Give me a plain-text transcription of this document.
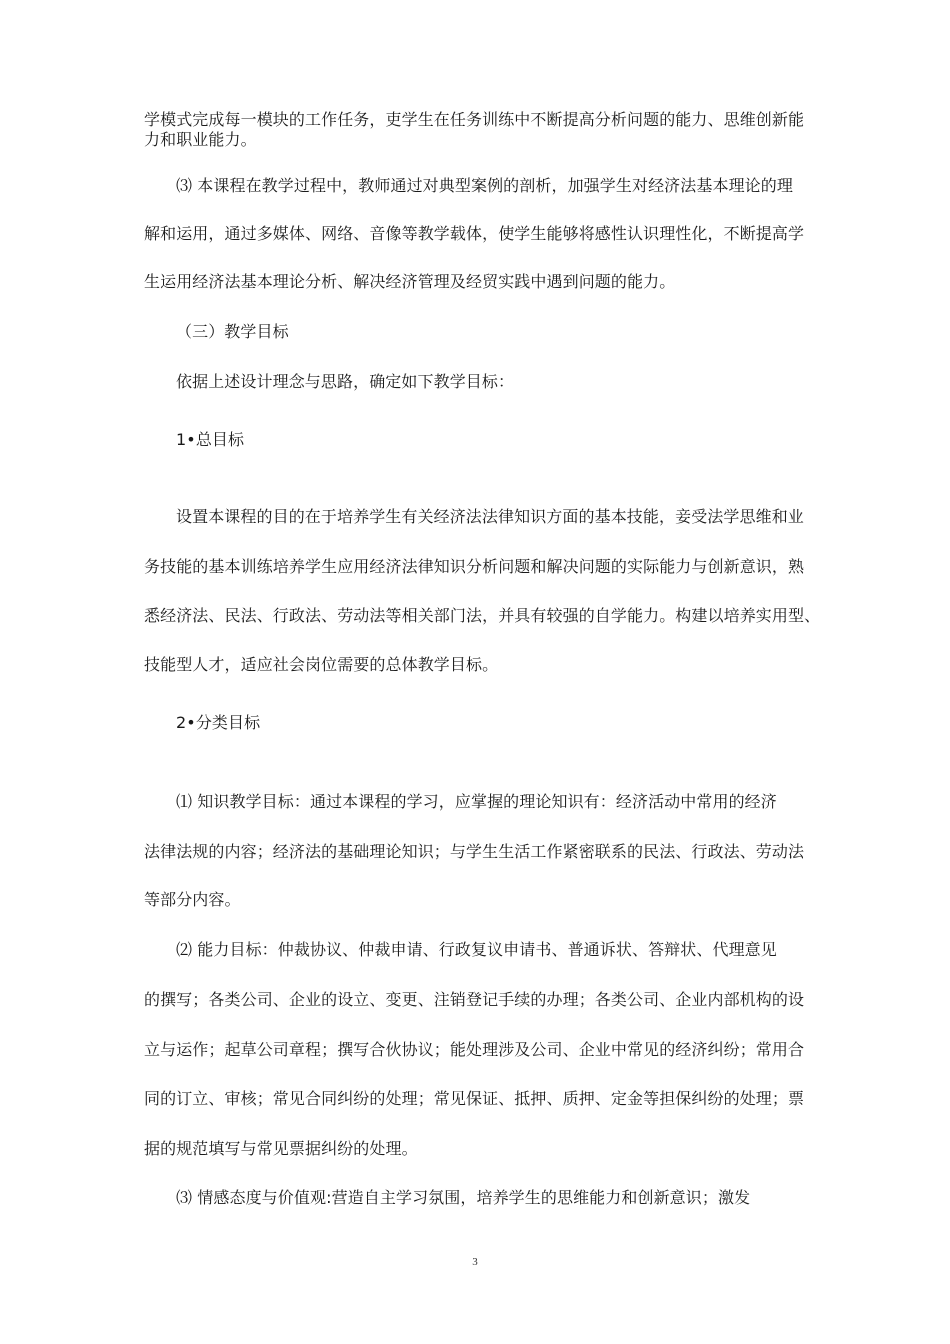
学模式完成每一模块的工作任务，吏学生在任务训练中不断提高分析问题的能力、思维创新能
力和职业能力。
⑶ 本课程在教学过程中，教师通过对典型案例的剖析，加强学生对经济法基本理论的理
解和运用，通过多媒体、网络、音像等教学载体，使学生能够将感性认识理性化，不断提高学
生运用经济法基本理论分析、解决经济管理及经贸实践中遇到问题的能力。
（三）教学目标
依据上述设计理念与思路，确定如下教学目标：
1•总目标
设置本课程的目的在于培养学生有关经济法法律知识方面的基本技能，妾受法学思维和业
务技能的基本训练培养学生应用经济法律知识分析问题和解决问题的实际能力与创新意识，熟
悉经济法、民法、行政法、劳动法等相关部门法，并具有较强的自学能力。构建以培养实用型、
技能型人才，适应社会岗位需要的总体教学目标。
2•分类目标
⑴ 知识教学目标：通过本课程的学习，应掌握的理论知识有：经济活动中常用的经济
法律法规的内容；经济法的基础理论知识；与学生生活工作紧密联系的民法、行政法、劳动法
等部分内容。
⑵ 能力目标：仲裁协议、仲裁申请、行政复议申请书、普通诉状、答辩状、代理意见
的撰写；各类公司、企业的设立、变更、注销登记手续的办理；各类公司、企业内部机构的设
立与运作；起草公司章程；撰写合伙协议；能处理涉及公司、企业中常见的经济纠纷；常用合
同的订立、审核；常见合同纠纷的处理；常见保证、抵押、质押、定金等担保纠纷的处理；票
据的规范填写与常见票据纠纷的处理。
⑶ 情感态度与价值观:营造自主学习氛围，培养学生的思维能力和创新意识；激发
3
